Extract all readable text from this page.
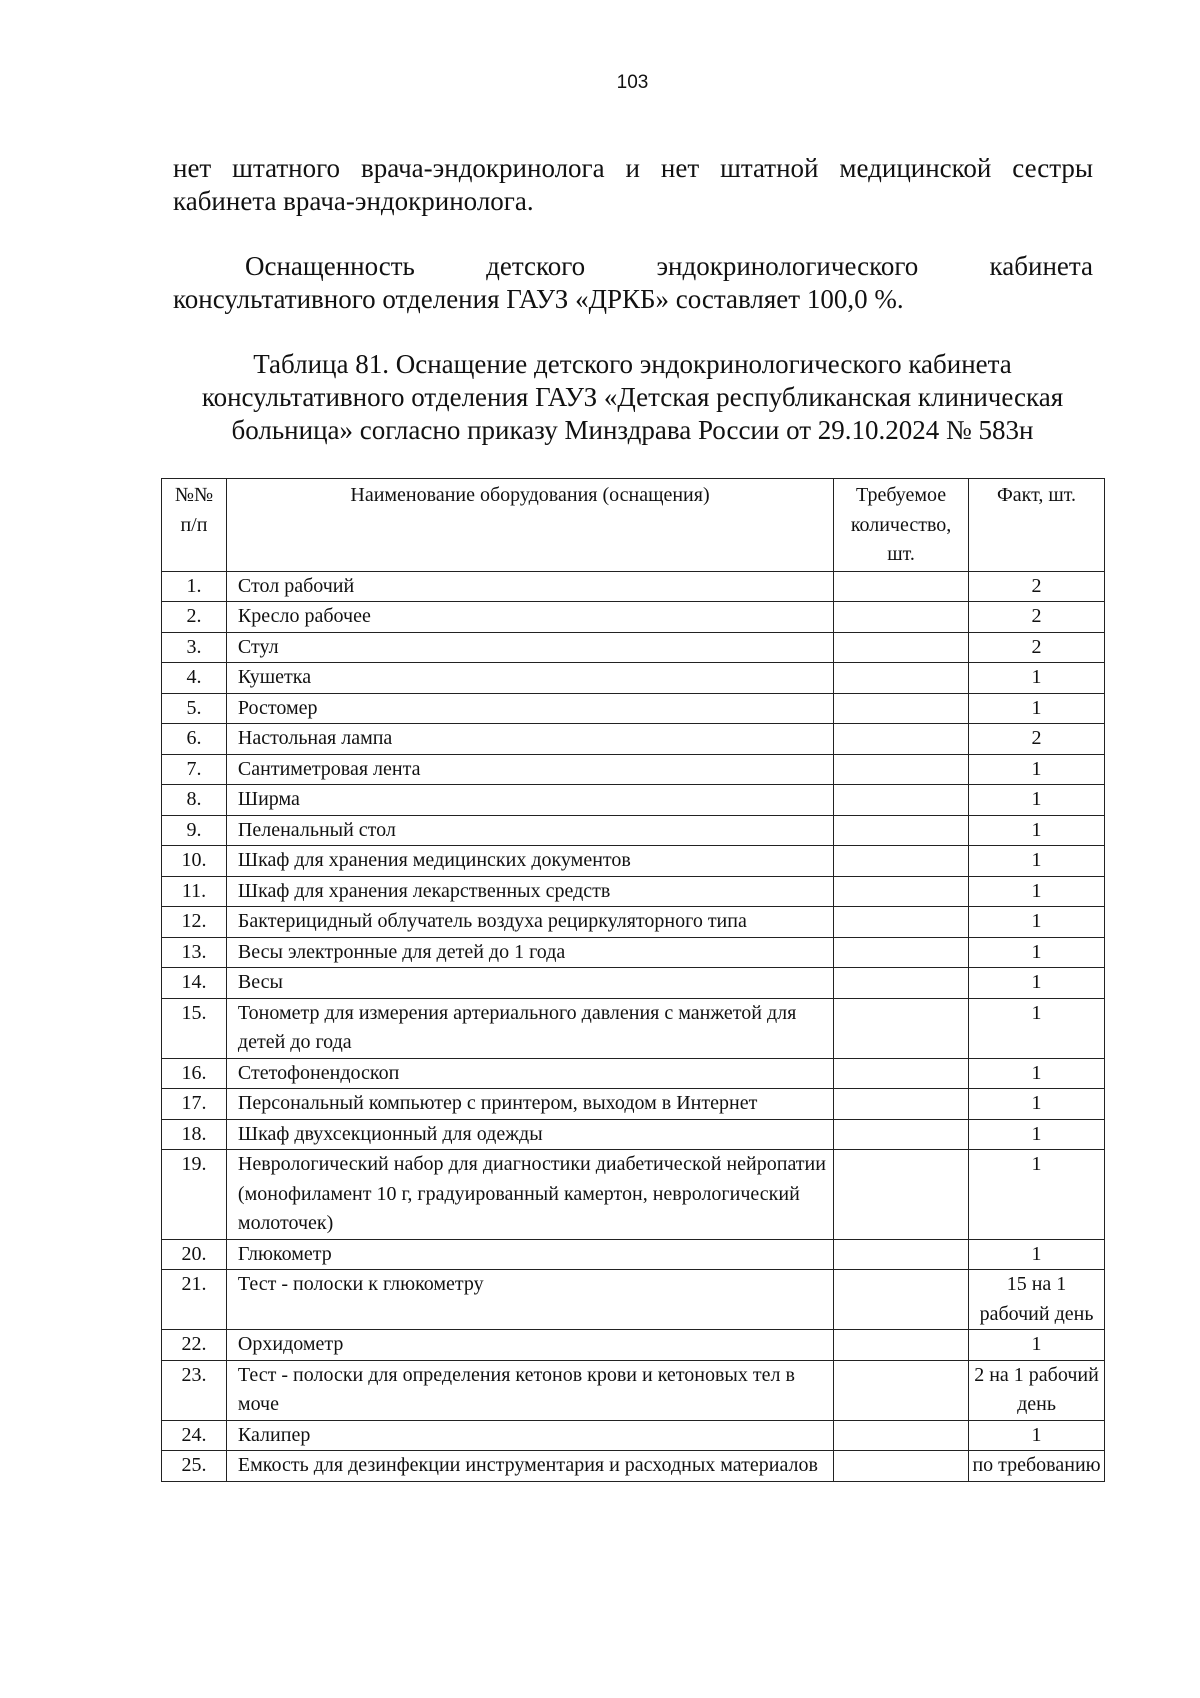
103
нет штатного врача-эндокринолога и нет штатной медицинской сестры
кабинета врача-эндокринолога.
Оснащенность детского эндокринологического кабинета
консультативного отделения ГАУЗ «ДРКБ» составляет 100,0 %.
Таблица 81. Оснащение детского эндокринологического кабинета
консультативного отделения ГАУЗ «Детская республиканская клиническая
больница» согласно приказу Минздрава России от 29.10.2024 № 583н
№№ п/п	Наименование оборудования (оснащения)	Требуемое количество, шт.	Факт, шт.
1.	Стол рабочий		2
2.	Кресло рабочее		2
3.	Стул		2
4.	Кушетка		1
5.	Ростомер		1
6.	Настольная лампа		2
7.	Сантиметровая лента		1
8.	Ширма		1
9.	Пеленальный стол		1
10.	Шкаф для хранения медицинских документов		1
11.	Шкаф для хранения лекарственных средств		1
12.	Бактерицидный облучатель воздуха рециркуляторного типа		1
13.	Весы электронные для детей до 1 года		1
14.	Весы		1
15.	Тонометр для измерения артериального давления с манжетой для детей до года		1
16.	Стетофонендоскоп		1
17.	Персональный компьютер с принтером, выходом в Интернет		1
18.	Шкаф двухсекционный для одежды		1
19.	Неврологический набор для диагностики диабетической нейропатии (монофиламент 10 г, градуированный камертон, неврологический молоточек)		1
20.	Глюкометр		1
21.	Тест - полоски к глюкометру		15 на 1 рабочий день
22.	Орхидометр		1
23.	Тест - полоски для определения кетонов крови и кетоновых тел в моче		2 на 1 рабочий день
24.	Калипер		1
25.	Емкость для дезинфекции инструментария и расходных материалов		по требованию
